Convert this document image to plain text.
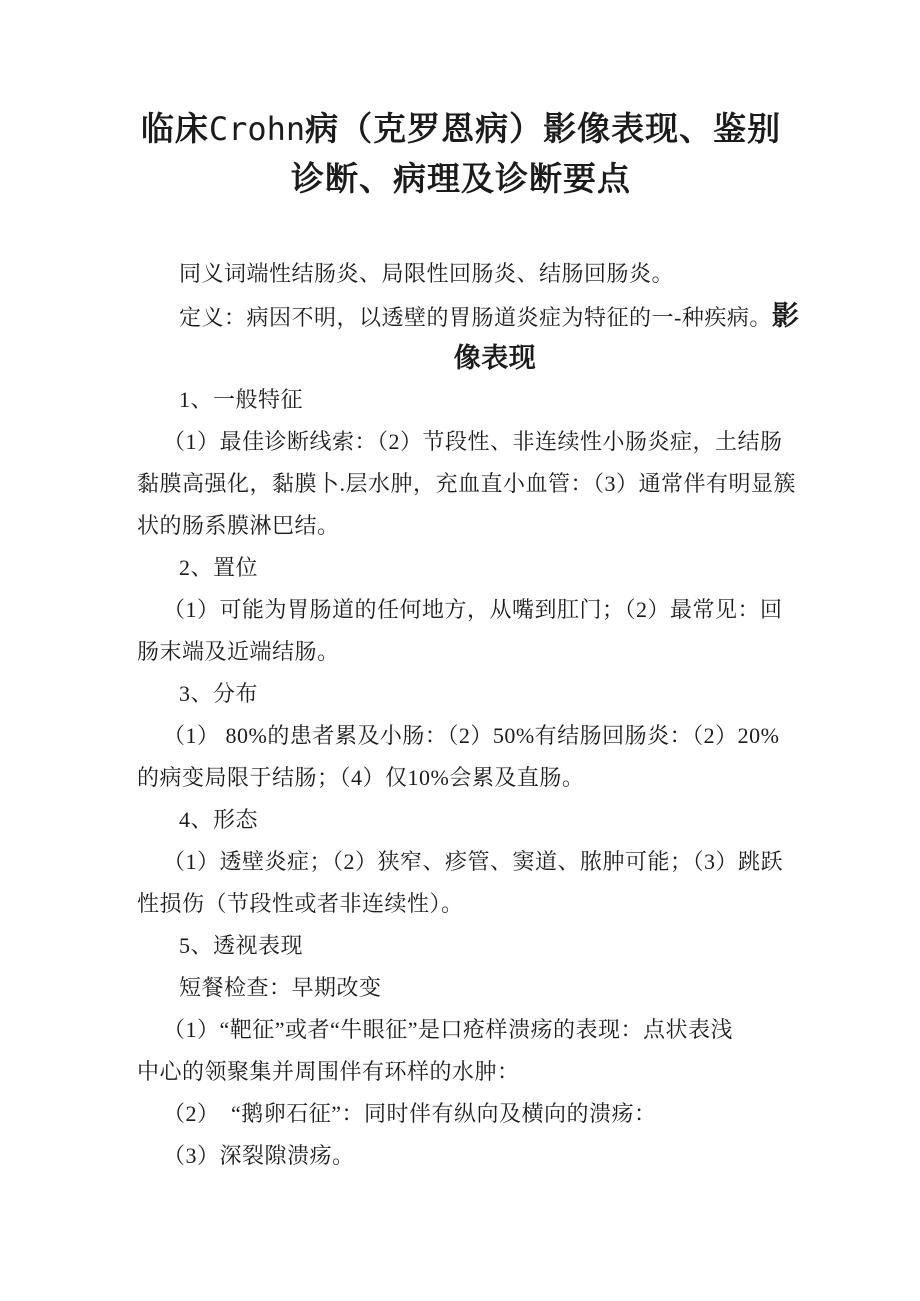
临床Crohn病（克罗恩病）影像表现、鉴别
诊断、病理及诊断要点
同义词端性结肠炎、局限性回肠炎、结肠回肠炎。
定义：病因不明，以透壁的胃肠道炎症为特征的一-种疾病。影
像表现
1、一般特征
（1）最佳诊断线索：（2）节段性、非连续性小肠炎症，土结肠
黏膜高强化，黏膜卜.层水肿，充血直小血管：（3）通常伴有明显簇
状的肠系膜淋巴结。
2、置位
（1）可能为胃肠道的任何地方，从嘴到肛门；（2）最常见：回
肠末端及近端结肠。
3、分布
（1） 80%的患者累及小肠：（2）50%有结肠回肠炎：（2）20%
的病变局限于结肠；（4）仅10%会累及直肠。
4、形态
（1）透壁炎症；（2）狭窄、疹管、窦道、脓肿可能；（3）跳跃
性损伤（节段性或者非连续性）。
5、透视表现
短餐检查：早期改变
（1）“靶征”或者“牛眼征”是口疮样溃疡的表现：点状表浅
中心的领聚集并周围伴有环样的水肿：
（2）　“鹅卵石征”：同时伴有纵向及横向的溃疡：
（3）深裂隙溃疡。
